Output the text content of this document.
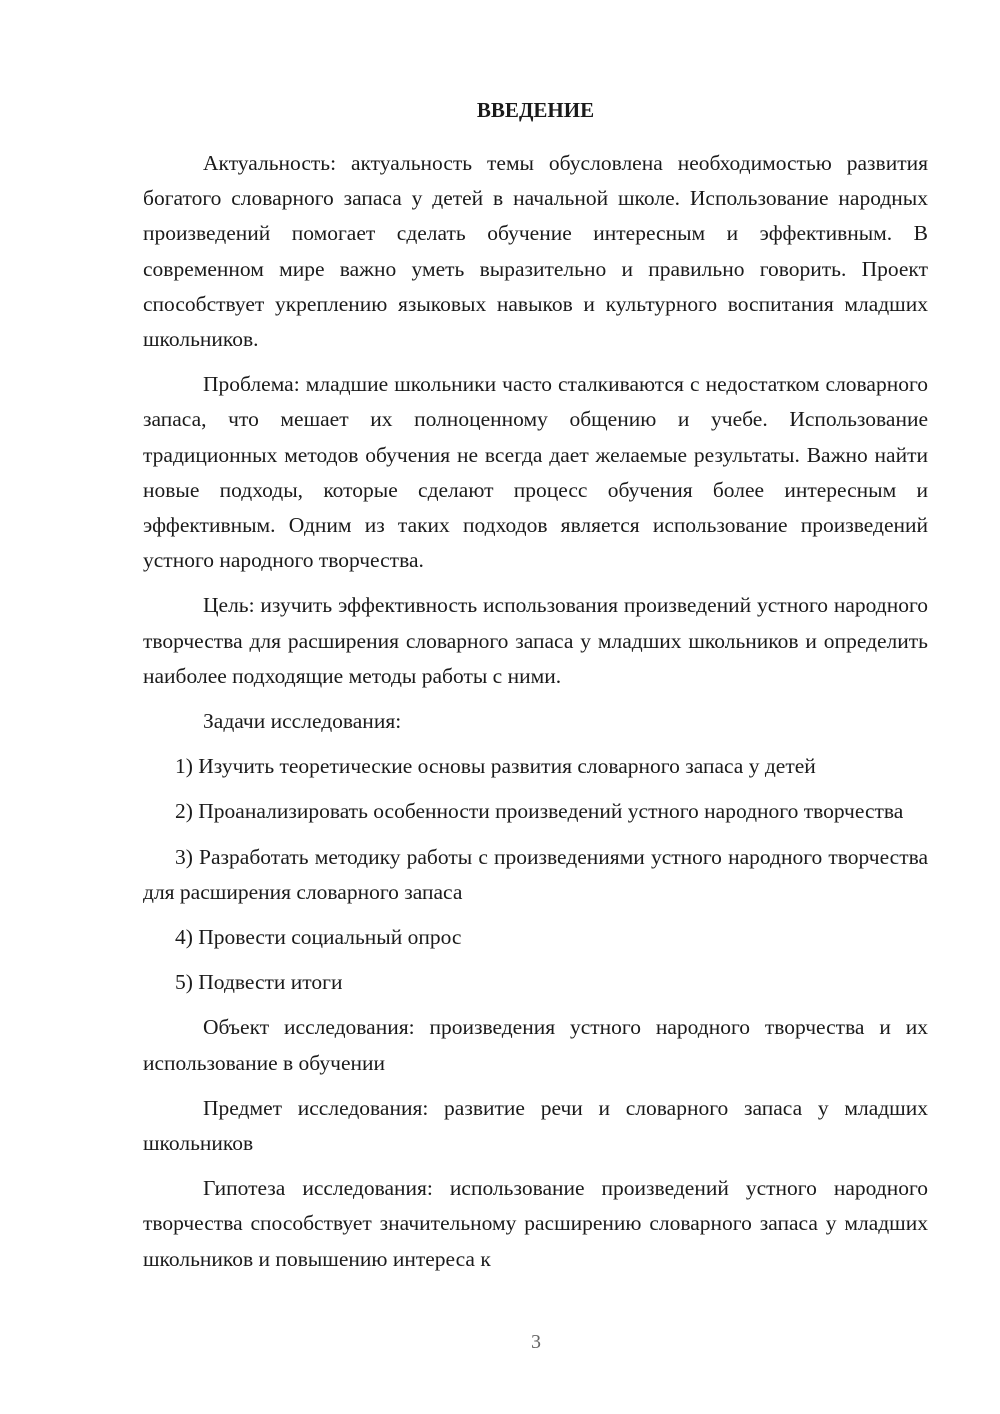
ВВЕДЕНИЕ

Актуальность: актуальность темы обусловлена необходимостью развития богатого словарного запаса у детей в начальной школе. Использование народных произведений помогает сделать обучение интересным и эффективным. В современном мире важно уметь выразительно и правильно говорить. Проект способствует укреплению языковых навыков и культурного воспитания младших школьников.

Проблема: младшие школьники часто сталкиваются с недостатком словарного запаса, что мешает их полноценному общению и учебе. Использование традиционных методов обучения не всегда дает желаемые результаты. Важно найти новые подходы, которые сделают процесс обучения более интересным и эффективным. Одним из таких подходов является использование произведений устного народного творчества.

Цель: изучить эффективность использования произведений устного народного творчества для расширения словарного запаса у младших школьников и определить наиболее подходящие методы работы с ними.

Задачи исследования:

1) Изучить теоретические основы развития словарного запаса у детей

2) Проанализировать особенности произведений устного народного творчества

3) Разработать методику работы с произведениями устного народного творчества для расширения словарного запаса

4) Провести социальный опрос

5) Подвести итоги

Объект исследования: произведения устного народного творчества и их использование в обучении

Предмет исследования: развитие речи и словарного запаса у младших школьников

Гипотеза исследования: использование произведений устного народного творчества способствует значительному расширению словарного запаса у младших школьников и повышению интереса к

3
